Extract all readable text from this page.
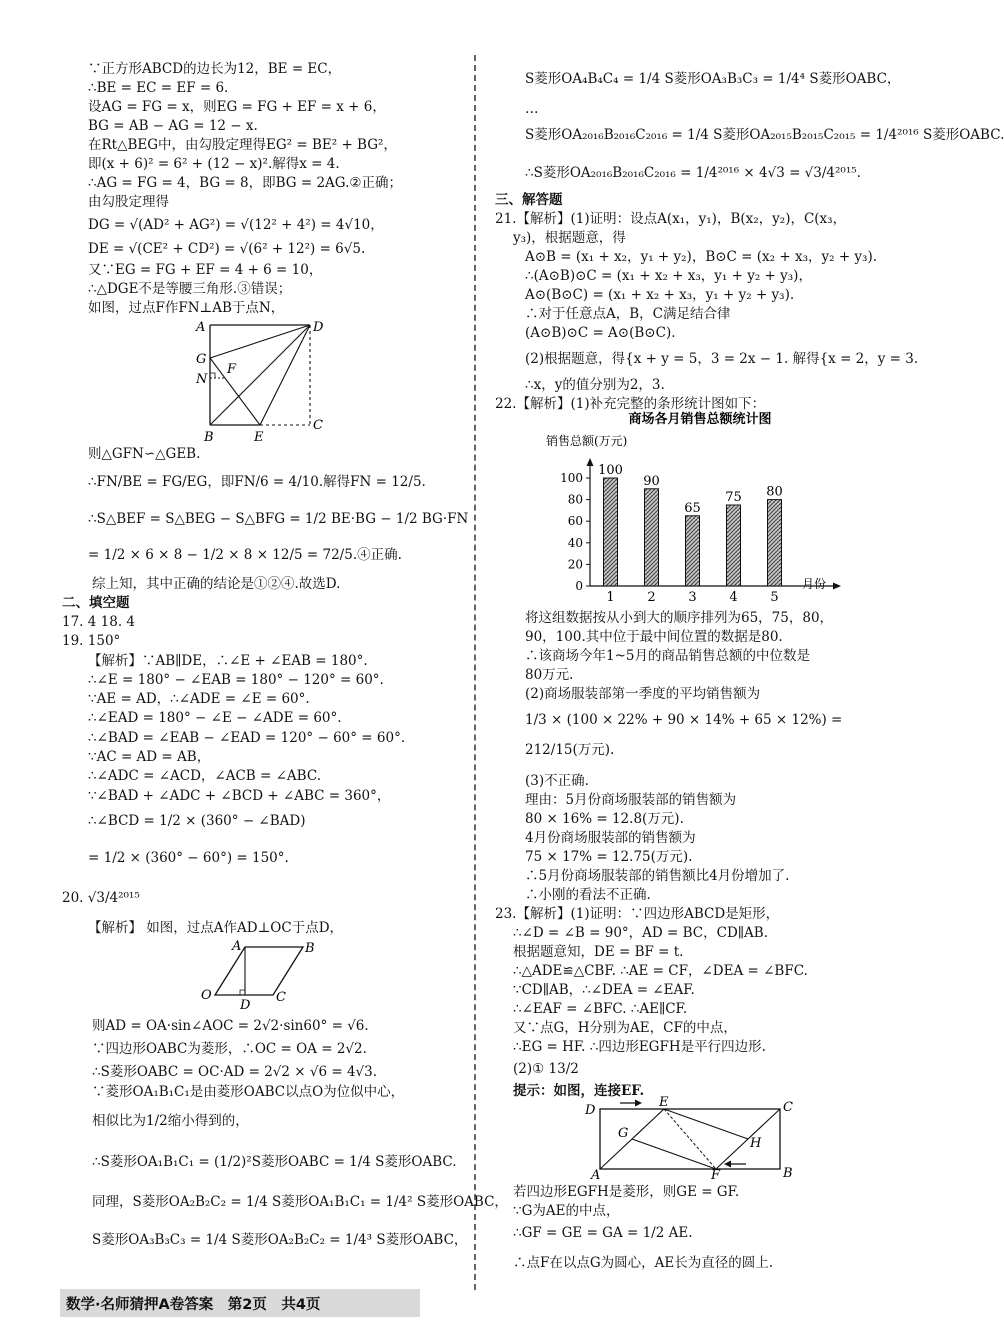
∵正方形ABCD的边长为12，BE = EC，
∴BE = EC = EF = 6.
设AG = FG = x，则EG = FG + EF = x + 6，
BG = AB − AG = 12 − x.
在Rt△BEG中，由勾股定理得EG² = BE² + BG²，
即(x + 6)² = 6² + (12 − x)².解得x = 4.
∴AG = FG = 4，BG = 8，即BG = 2AG.②正确；
由勾股定理得
DG = √(AD² + AG²) = √(12² + 4²) = 4√10，
DE = √(CE² + CD²) = √(6² + 12²) = 6√5.
又∵EG = FG + EF = 4 + 6 = 10，
∴△DGE不是等腰三角形.③错误；
如图，过点F作FN⊥AB于点N，
A	D
G
F
N
B	E
C
则△GFN∽△GEB.
∴FN/BE = FG/EG，即FN/6 = 4/10.解得FN = 12/5.
∴S△BEF = S△BEG − S△BFG = 1/2 BE·BG − 1/2 BG·FN
= 1/2 × 6 × 8 − 1/2 × 8 × 12/5 = 72/5.④正确.
综上知，其中正确的结论是①②④.故选D.
二、填空题
17. 4 18. 4
19. 150°
【解析】∵AB∥DE，∴∠E + ∠EAB = 180°.
∴∠E = 180° − ∠EAB = 180° − 120° = 60°.
∵AE = AD，∴∠ADE = ∠E = 60°.
∴∠EAD = 180° − ∠E − ∠ADE = 60°.
∴∠BAD = ∠EAB − ∠EAD = 120° − 60° = 60°.
∵AC = AD = AB，
∴∠ADC = ∠ACD，∠ACB = ∠ABC.
∵∠BAD + ∠ADC + ∠BCD + ∠ABC = 360°，
∴∠BCD = 1/2 × (360° − ∠BAD)
= 1/2 × (360° − 60°) = 150°.
20. √3/4²⁰¹⁵
【解析】 如图，过点A作AD⊥OC于点D，
A	B
O
D
C
则AD = OA·sin∠AOC = 2√2·sin60° = √6.
∵四边形OABC为菱形，∴OC = OA = 2√2.
∴S菱形OABC = OC·AD = 2√2 × √6 = 4√3.
∵菱形OA₁B₁C₁是由菱形OABC以点O为位似中心，
相似比为1/2缩小得到的，
∴S菱形OA₁B₁C₁ = (1/2)²S菱形OABC = 1/4 S菱形OABC.
同理，S菱形OA₂B₂C₂ = 1/4 S菱形OA₁B₁C₁ = 1/4² S菱形OABC，
S菱形OA₃B₃C₃ = 1/4 S菱形OA₂B₂C₂ = 1/4³ S菱形OABC，
S菱形OA₄B₄C₄ = 1/4 S菱形OA₃B₃C₃ = 1/4⁴ S菱形OABC，
…
S菱形OA₂₀₁₆B₂₀₁₆C₂₀₁₆ = 1/4 S菱形OA₂₀₁₅B₂₀₁₅C₂₀₁₅ = 1/4²⁰¹⁶ S菱形OABC.
∴S菱形OA₂₀₁₆B₂₀₁₆C₂₀₁₆ = 1/4²⁰¹⁶ × 4√3 = √3/4²⁰¹⁵.
三、解答题
21.【解析】(1)证明：设点A(x₁，y₁)，B(x₂，y₂)，C(x₃，
y₃)，根据题意，得
A⊙B = (x₁ + x₂，y₁ + y₂)，B⊙C = (x₂ + x₃，y₂ + y₃).
∴(A⊙B)⊙C = (x₁ + x₂ + x₃，y₁ + y₂ + y₃)，
A⊙(B⊙C) = (x₁ + x₂ + x₃，y₁ + y₂ + y₃).
∴对于任意点A，B，C满足结合律
(A⊙B)⊙C = A⊙(B⊙C).
(2)根据题意，得{x + y = 5，3 = 2x − 1. 解得{x = 2，y = 3.
∴x，y的值分别为2，3.
22.【解析】(1)补充完整的条形统计图如下：
商场各月销售总额统计图
销售总额(万元)
月份
0
20
40
60
80
100 100
1
90
2
65
3
75
4
80
5
将这组数据按从小到大的顺序排列为65，75，80，
90，100.其中位于最中间位置的数据是80.
∴该商场今年1~5月的商品销售总额的中位数是
80万元.
(2)商场服装部第一季度的平均销售额为
1/3 × (100 × 22% + 90 × 14% + 65 × 12%) =
212/15(万元).
(3)不正确.
理由：5月份商场服装部的销售额为
80 × 16% = 12.8(万元).
4月份商场服装部的销售额为
75 × 17% = 12.75(万元).
∴5月份商场服装部的销售额比4月份增加了.
∴小刚的看法不正确.
23.【解析】(1)证明：∵四边形ABCD是矩形，
∴∠D = ∠B = 90°，AD = BC，CD∥AB.
根据题意知，DE = BF = t.
∴△ADE≌△CBF. ∴AE = CF，∠DEA = ∠BFC.
∵CD∥AB，∴∠DEA = ∠EAF.
∴∠EAF = ∠BFC. ∴AE∥CF.
又∵点G，H分别为AE，CF的中点，
∴EG = HF. ∴四边形EGFH是平行四边形.
(2)① 13/2
提示：如图，连接EF.
D
E	C
G
H
A	F	B
若四边形EGFH是菱形，则GE = GF.
∵G为AE的中点，
∴GF = GE = GA = 1/2 AE.
∴点F在以点G为圆心，AE长为直径的圆上.
数学·名师猜押A卷答案　第2页　共4页
